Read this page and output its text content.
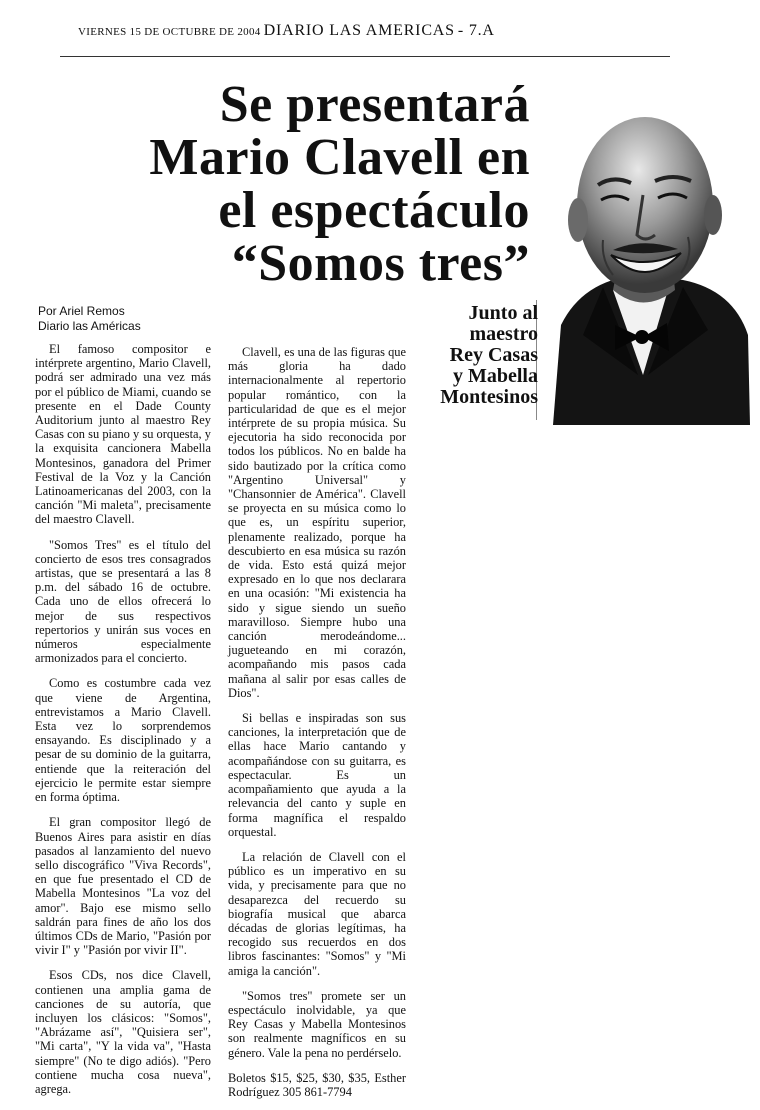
VIERNES 15 DE OCTUBRE DE 2004 DIARIO LAS AMERICAS - 7.A
Se presentará
Mario Clavell en
el espectáculo
“Somos tres”
Junto al
maestro
Rey Casas
y Mabella
Montesinos
Por Ariel Remos
Diario las Américas

El famoso compositor e intérprete argentino, Mario Clavell, podrá ser admirado una vez más por el público de Miami, cuando se presente en el Dade County Auditorium junto al maestro Rey Casas con su piano y su orquesta, y la exquisita cancionera Mabella Montesinos, ganadora del Primer Festival de la Voz y la Canción Latinoamericanas del 2003, con la canción "Mi maleta", precisamente del maestro Clavell.

"Somos Tres" es el título del concierto de esos tres consagrados artistas, que se presentará a las 8 p.m. del sábado 16 de octubre. Cada uno de ellos ofrecerá lo mejor de sus respectivos repertorios y unirán sus voces en números especialmente armonizados para el concierto.

Como es costumbre cada vez que viene de Argentina, entrevistamos a Mario Clavell. Esta vez lo sorprendemos ensayando. Es disciplinado y a pesar de su dominio de la guitarra, entiende que la reiteración del ejercicio le permite estar siempre en forma óptima.

El gran compositor llegó de Buenos Aires para asistir en días pasados al lanzamiento del nuevo sello discográfico "Viva Records", en que fue presentado el CD de Mabella Montesinos "La voz del amor". Bajo ese mismo sello saldrán para fines de año los dos últimos CDs de Mario, "Pasión por vivir I" y "Pasión por vivir II".

Esos CDs, nos dice Clavell, contienen una amplia gama de canciones de su autoría, que incluyen los clásicos: "Somos", "Abrázame así", "Quisiera ser", "Mi carta", "Y la vida va", "Hasta siempre" (No te digo adiós). "Pero contiene mucha cosa nueva", agrega.

Clavell, es una de las figuras que más gloria ha dado internacionalmente al repertorio popular romántico, con la particularidad de que es el mejor intérprete de su propia música. Su ejecutoria ha sido reconocida por todos los públicos. No en balde ha sido bautizado por la crítica como "Argentino Universal" y "Chansonnier de América". Clavell se proyecta en su música como lo que es, un espíritu superior, plenamente realizado, porque ha descubierto en esa música su razón de vida. Esto está quizá mejor expresado en lo que nos declarara en una ocasión: "Mi existencia ha sido y sigue siendo un sueño maravilloso. Siempre hubo una canción merodeándome... jugueteando en mi corazón, acompañando mis pasos cada mañana al salir por esas calles de Dios".

Si bellas e inspiradas son sus canciones, la interpretación que de ellas hace Mario cantando y acompañándose con su guitarra, es espectacular. Es un acompañamiento que ayuda a la relevancia del canto y suple en forma magnífica el respaldo orquestal.

La relación de Clavell con el público es un imperativo en su vida, y precisamente para que no desaparezca del recuerdo su biografía musical que abarca décadas de glorias legítimas, ha recogido sus recuerdos en dos libros fascinantes: "Somos" y "Mi amiga la canción".

"Somos tres" promete ser un espectáculo inolvidable, ya que Rey Casas y Mabella Montesinos son realmente magníficos en su género. Vale la pena no perdérselo.

Boletos $15, $25, $30, $35, Esther Rodríguez 305 861-7794
